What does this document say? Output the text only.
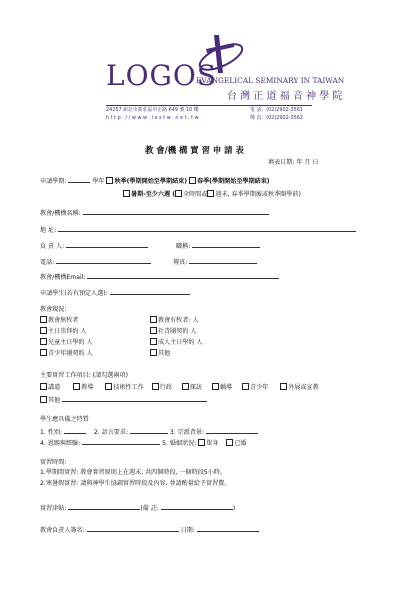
LOGOS
EVANGELICAL SEMINARY IN TAIWAN
台 灣 正 道 福 音 神 學 院
24257 新北市新莊區中正路 649 號 10 樓
h t t p : / / w w w . l e s t w . n e t . t w
電 話：(02)2902-3561
傳 真：(02)2902-3562
教 會/機 構 實 習 申 請 表
填表日期: 年 月 日
申請學期:	學年 秋季(學期開始至學期結束) 春季(學期開始至學期結束)
暑期-至少六週 ( 全時間或 週末, 春季學期後或秋季開學前)
教會/機構名稱:
地 址:
負 責 人:	職稱:
電話:	傳真:
教會/機構Email:
申請學生(若有預定人選):
教會現況:
教會無牧者	教會有牧者: 人
主日崇拜約 人	社青團契約 人
兒童主日學約 人	成人主日學約 人
青少年團契約 人	其他
主要實習工作項目: (請勾選兩項)
講道	教導	技術性工作	行政	探訪	輔導	青少年	外展或宣教
其他
學生應具備之特質
1. 性別:	2. 語言要求:	3. 宗派背景:
4. 恩賜與經驗:	5. 婚姻狀況: 單身	已婚
實習時間:
1.學期間實習: 教會實習原則上在週末, 共四個時段, 一個時段5小時。
2.寒暑假實習: 請與神學生協調實習時段及內容, 並請酌量給予實習費。
實習津貼:	(備 註:	)
教會負責人簽名:	日期:
